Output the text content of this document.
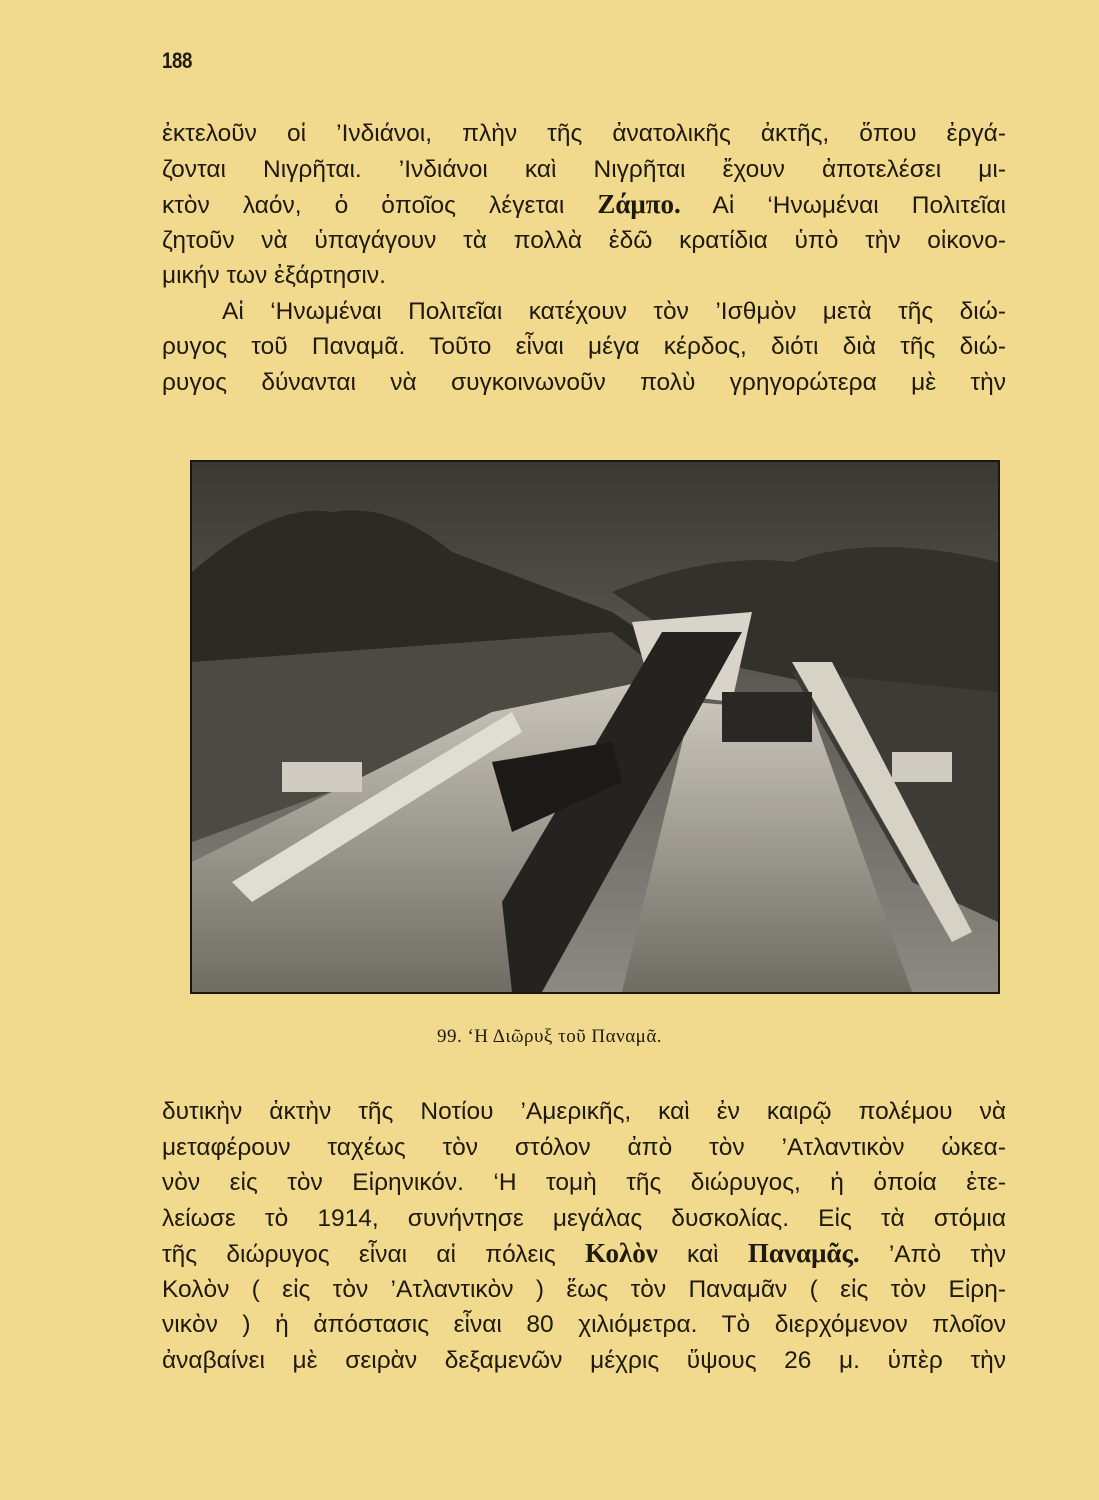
188
ἐκτελοῦν οἱ ’Ινδιάνοι, πλὴν τῆς ἀνατολικῆς ἀκτῆς, ὅπου ἐργά-
ζονται Νιγρῆται. ’Ινδιάνοι καὶ Νιγρῆται ἔχουν ἀποτελέσει μι-
κτὸν λαόν, ὁ ὁποῖος λέγεται Ζάμπο. Αἱ ‘Ηνωμέναι Πολιτεῖαι
ζητοῦν νὰ ὑπαγάγουν τὰ πολλὰ ἐδῶ κρατίδια ὑπὸ τὴν οἰκονο-
μικήν των ἐξάρτησιν.
Αἱ ‘Ηνωμέναι Πολιτεῖαι κατέχουν τὸν ’Ισθμὸν μετὰ τῆς διώ-
ρυγος τοῦ Παναμᾶ. Τοῦτο εἶναι μέγα κέρδος, διότι διὰ τῆς διώ-
ρυγος δύνανται νὰ συγκοινωνοῦν πολὺ γρηγορώτερα μὲ τὴν
99. ‘Η Διῶρυξ τοῦ Παναμᾶ.
δυτικὴν ἀκτὴν τῆς Νοτίου ’Αμερικῆς, καὶ ἐν καιρῷ πολέμου νὰ
μεταφέρουν ταχέως τὸν στόλον ἀπὸ τὸν ’Ατλαντικὸν ὠκεα-
νὸν εἰς τὸν Εἰρηνικόν. ‘Η τομὴ τῆς διώρυγος, ἡ ὁποία ἐτε-
λείωσε τὸ 1914, συνήντησε μεγάλας δυσκολίας. Εἰς τὰ στόμια
τῆς διώρυγος εἶναι αἱ πόλεις Κολὸν καὶ Παναμᾶς. ’Απὸ τὴν
Κολὸν ( εἰς τὸν ’Ατλαντικὸν ) ἕως τὸν Παναμᾶν ( εἰς τὸν Εἰρη-
νικὸν ) ἡ ἀπόστασις εἶναι 80 χιλιόμετρα. Τὸ διερχόμενον πλοῖον
ἀναβαίνει μὲ σειρὰν δεξαμενῶν μέχρις ὕψους 26 μ. ὑπὲρ τὴν
